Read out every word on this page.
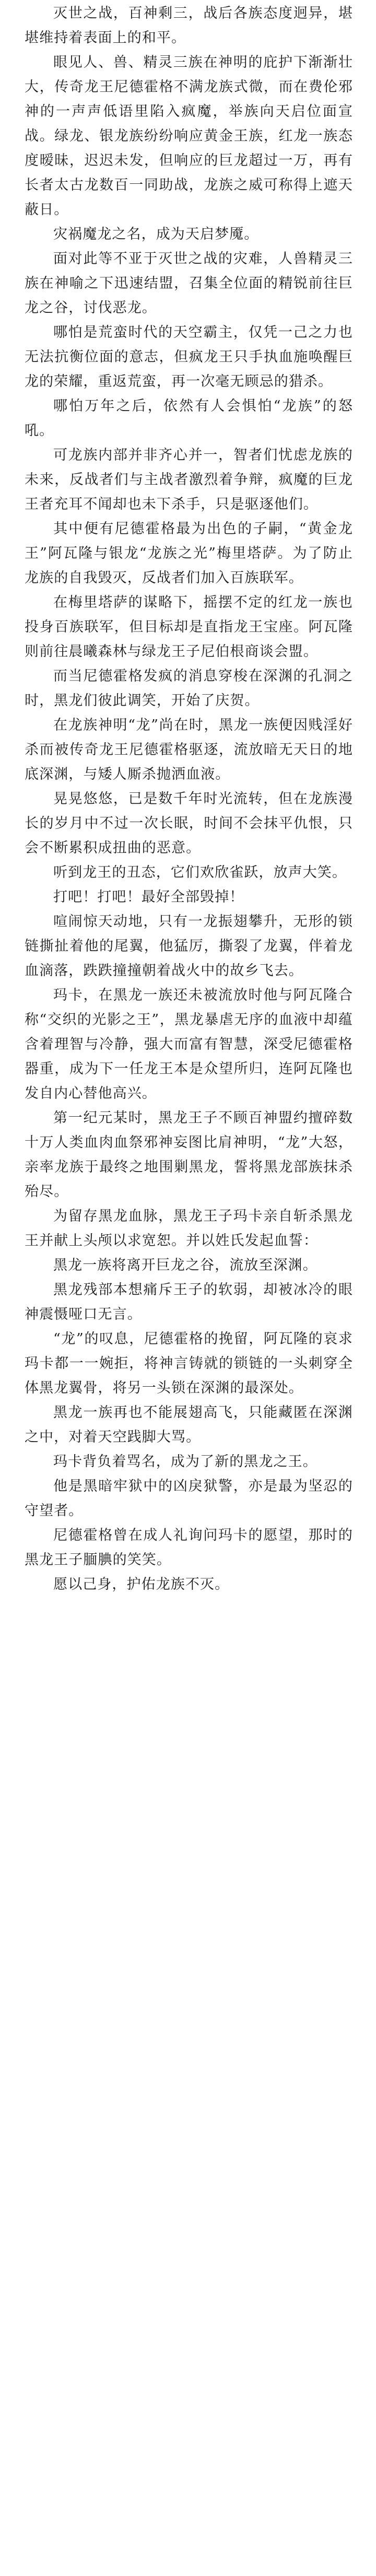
灭世之战，百神剩三，战后各族态度迥异，堪堪维持着表面上的和平。

眼见人、兽、精灵三族在神明的庇护下渐渐壮大，传奇龙王尼德霍格不满龙族式微，而在费伦邪神的一声声低语里陷入疯魔，举族向天启位面宣战。绿龙、银龙族纷纷响应黄金王族，红龙一族态度暧昧，迟迟未发，但响应的巨龙超过一万，再有长者太古龙数百一同助战，龙族之威可称得上遮天蔽日。

灾祸魔龙之名，成为天启梦魇。

面对此等不亚于灭世之战的灾难，人兽精灵三族在神喻之下迅速结盟，召集全位面的精锐前往巨龙之谷，讨伐恶龙。

哪怕是荒蛮时代的天空霸主，仅凭一己之力也无法抗衡位面的意志，但疯龙王只手执血施唤醒巨龙的荣耀，重返荒蛮，再一次毫无顾忌的猎杀。

哪怕万年之后，依然有人会惧怕“龙族”的怒吼。

可龙族内部并非齐心并一，智者们忧虑龙族的未来，反战者们与主战者激烈着争辩，疯魔的巨龙王者充耳不闻却也未下杀手，只是驱逐他们。

其中便有尼德霍格最为出色的子嗣，“黄金龙王”阿瓦隆与银龙“龙族之光”梅里塔萨。为了防止龙族的自我毁灭，反战者们加入百族联军。

在梅里塔萨的谋略下，摇摆不定的红龙一族也投身百族联军，但目标却是直指龙王宝座。阿瓦隆则前往晨曦森林与绿龙王子尼伯根商谈会盟。

而当尼德霍格发疯的消息穿梭在深渊的孔洞之时，黑龙们彼此调笑，开始了庆贺。

在龙族神明“龙”尚在时，黑龙一族便因贱淫好杀而被传奇龙王尼德霍格驱逐，流放暗无天日的地底深渊，与矮人厮杀抛洒血液。

晃晃悠悠，已是数千年时光流转，但在龙族漫长的岁月中不过一次长眠，时间不会抹平仇恨，只会不断累积成扭曲的恶意。

听到龙王的丑态，它们欢欣雀跃，放声大笑。

打吧！打吧！最好全部毁掉！

喧闹惊天动地，只有一龙振翅攀升，无形的锁链撕扯着他的尾翼，他猛厉，撕裂了龙翼，伴着龙血滴落，跌跌撞撞朝着战火中的故乡飞去。

玛卡，在黑龙一族还未被流放时他与阿瓦隆合称“交织的光影之王”，黑龙暴虐无序的血液中却蕴含着理智与冷静，强大而富有智慧，深受尼德霍格器重，成为下一任龙王本是众望所归，连阿瓦隆也发自内心替他高兴。

第一纪元某时，黑龙王子不顾百神盟约擅碎数十万人类血肉血祭邪神妄图比肩神明，“龙”大怒，亲率龙族于最终之地围剿黑龙，誓将黑龙部族抹杀殆尽。

为留存黑龙血脉，黑龙王子玛卡亲自斩杀黑龙王并献上头颅以求宽恕。并以姓氏发起血誓：

黑龙一族将离开巨龙之谷，流放至深渊。

黑龙残部本想痛斥王子的软弱，却被冰冷的眼神震慑哑口无言。

“龙”的叹息，尼德霍格的挽留，阿瓦隆的哀求玛卡都一一婉拒，将神言铸就的锁链的一头刺穿全体黑龙翼骨，将另一头锁在深渊的最深处。

黑龙一族再也不能展翅高飞，只能藏匿在深渊之中，对着天空践脚大骂。

玛卡背负着骂名，成为了新的黑龙之王。

他是黑暗牢狱中的凶戾狱警，亦是最为坚忍的守望者。

尼德霍格曾在成人礼询问玛卡的愿望，那时的黑龙王子腼腆的笑笑。

愿以己身，护佑龙族不灭。
